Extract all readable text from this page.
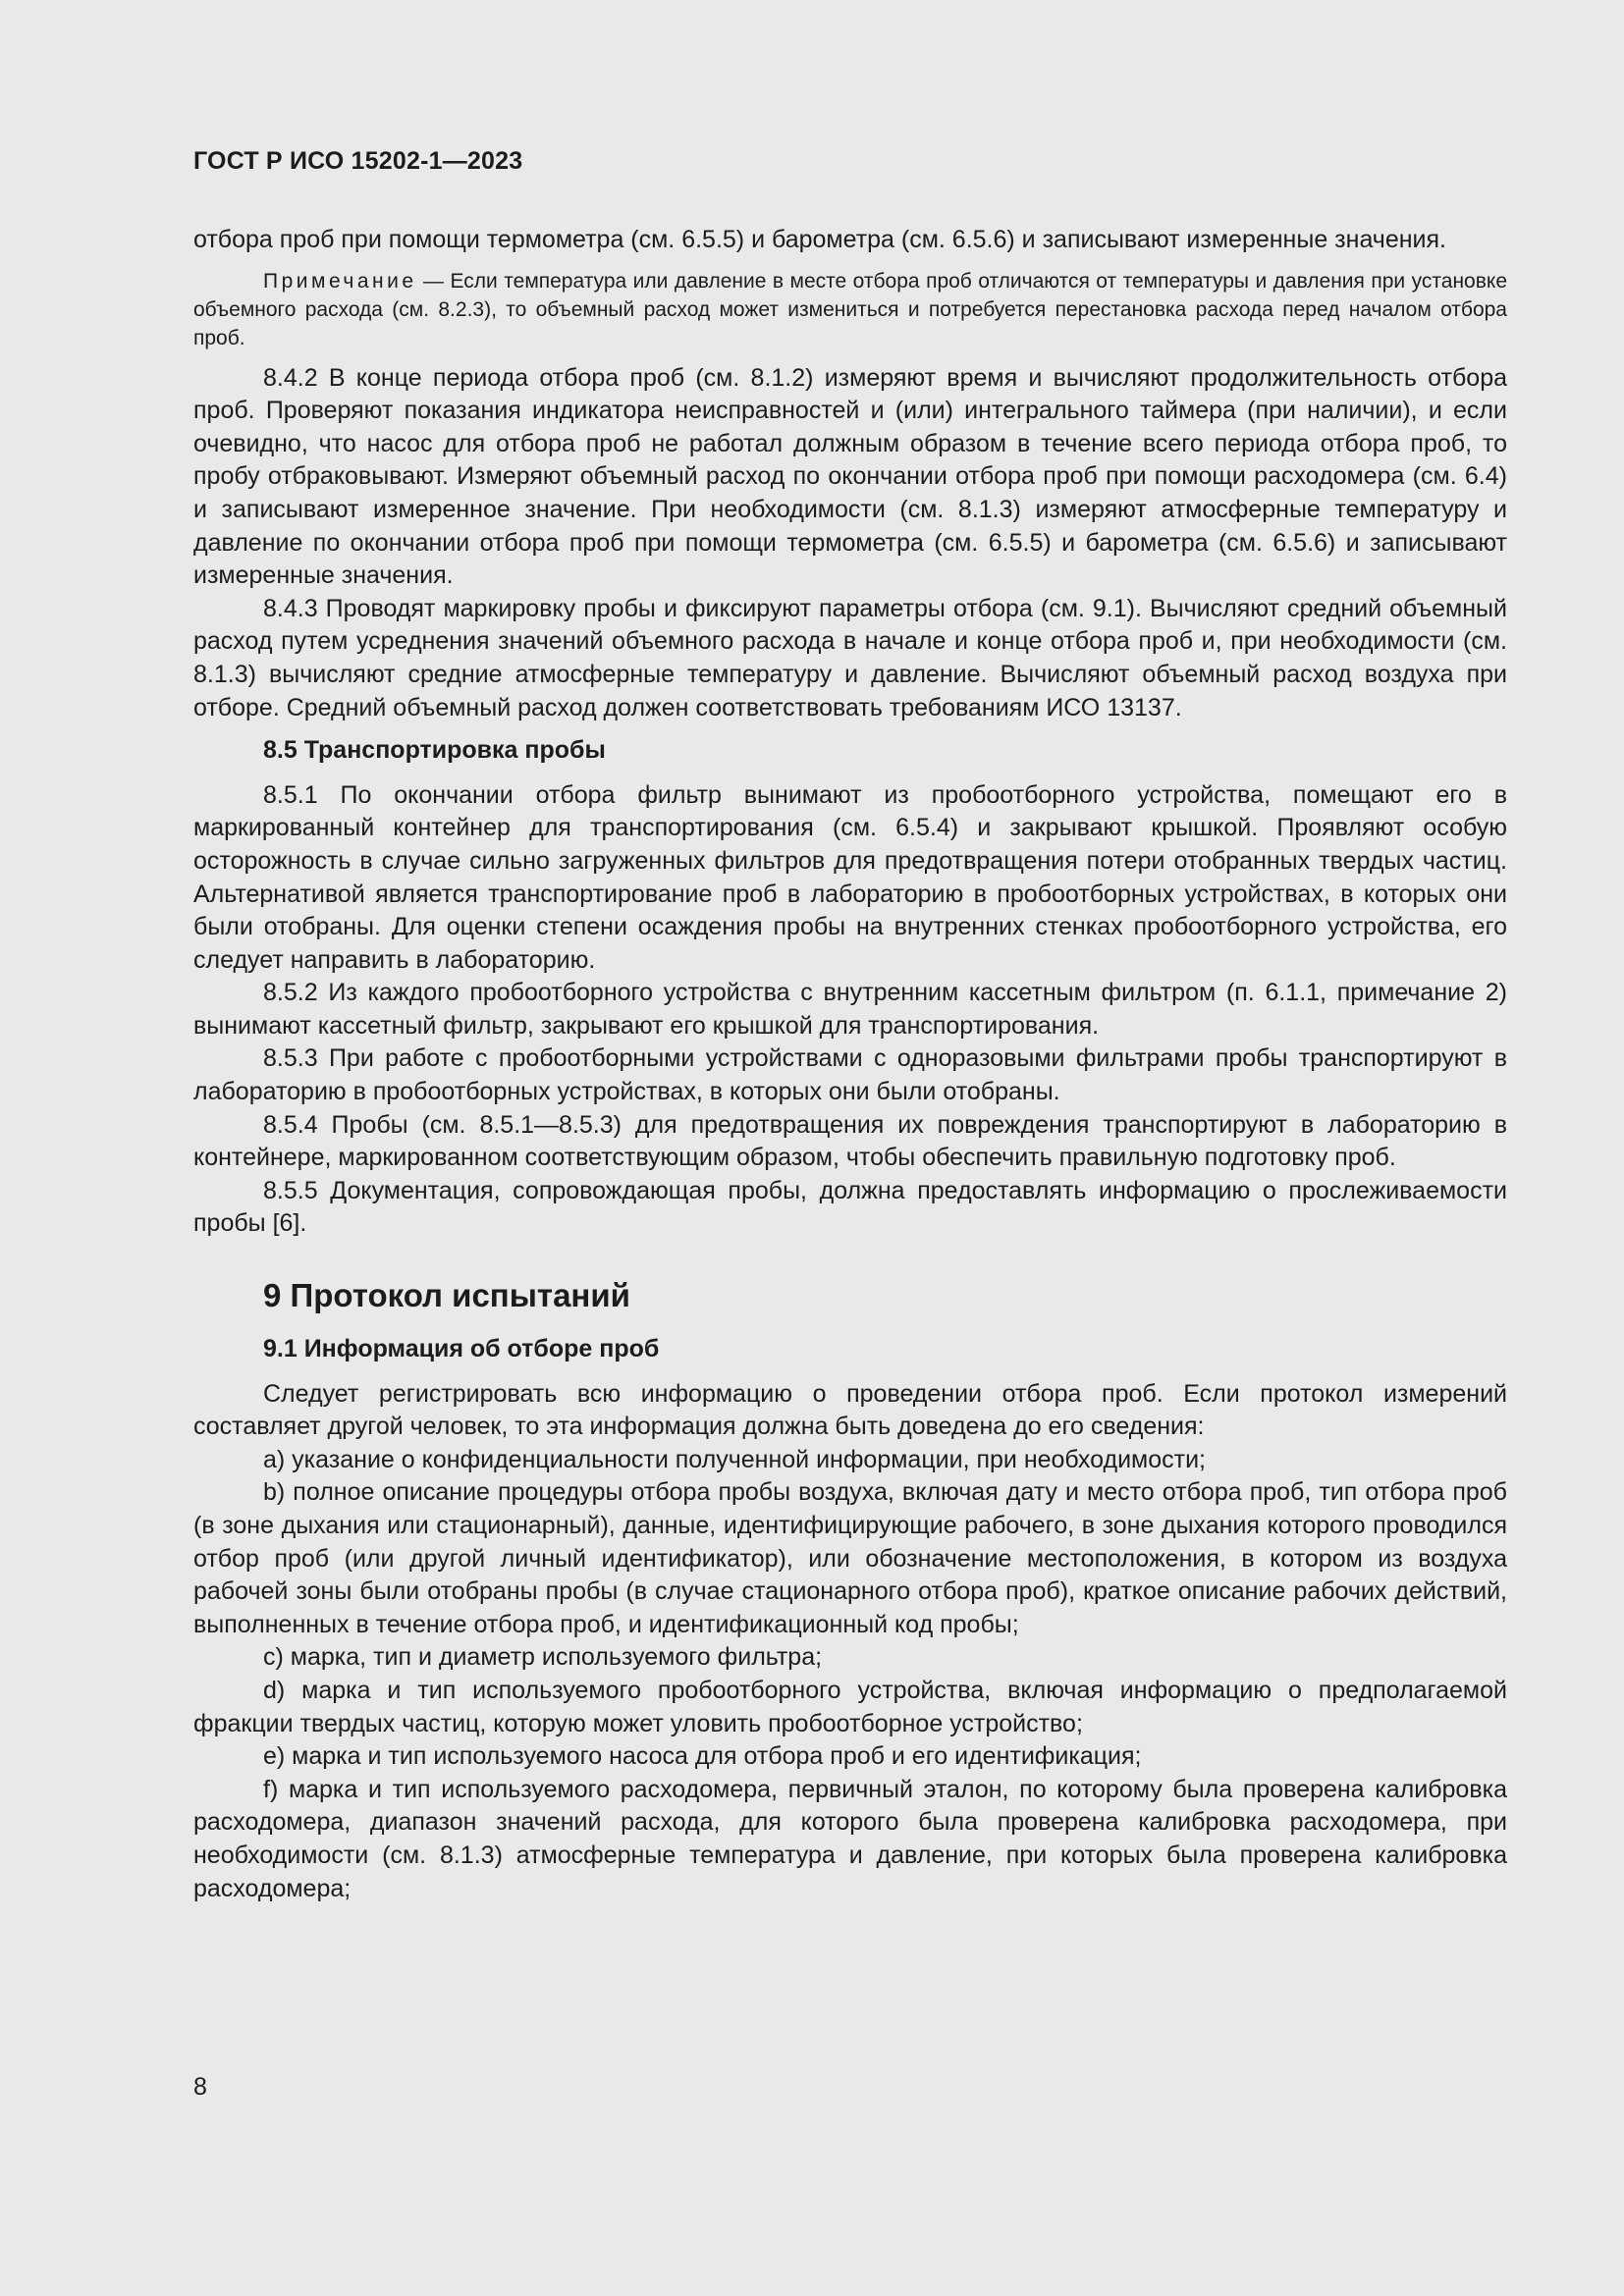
ГОСТ Р ИСО 15202-1—2023

отбора проб при помощи термометра (см. 6.5.5) и барометра (см. 6.5.6) и записывают измеренные значения.

Примечание — Если температура или давление в месте отбора проб отличаются от температуры и давления при установке объемного расхода (см. 8.2.3), то объемный расход может измениться и потребуется перестановка расхода перед началом отбора проб.

8.4.2 В конце периода отбора проб (см. 8.1.2) измеряют время и вычисляют продолжительность отбора проб. Проверяют показания индикатора неисправностей и (или) интегрального таймера (при наличии), и если очевидно, что насос для отбора проб не работал должным образом в течение всего периода отбора проб, то пробу отбраковывают. Измеряют объемный расход по окончании отбора проб при помощи расходомера (см. 6.4) и записывают измеренное значение. При необходимости (см. 8.1.3) измеряют атмосферные температуру и давление по окончании отбора проб при помощи термометра (см. 6.5.5) и барометра (см. 6.5.6) и записывают измеренные значения.

8.4.3 Проводят маркировку пробы и фиксируют параметры отбора (см. 9.1). Вычисляют средний объемный расход путем усреднения значений объемного расхода в начале и конце отбора проб и, при необходимости (см. 8.1.3) вычисляют средние атмосферные температуру и давление. Вычисляют объемный расход воздуха при отборе. Средний объемный расход должен соответствовать требованиям ИСО 13137.

8.5 Транспортировка пробы

8.5.1 По окончании отбора фильтр вынимают из пробоотборного устройства, помещают его в маркированный контейнер для транспортирования (см. 6.5.4) и закрывают крышкой. Проявляют особую осторожность в случае сильно загруженных фильтров для предотвращения потери отобранных твердых частиц. Альтернативой является транспортирование проб в лабораторию в пробоотборных устройствах, в которых они были отобраны. Для оценки степени осаждения пробы на внутренних стенках пробоотборного устройства, его следует направить в лабораторию.

8.5.2 Из каждого пробоотборного устройства с внутренним кассетным фильтром (п. 6.1.1, примечание 2) вынимают кассетный фильтр, закрывают его крышкой для транспортирования.

8.5.3 При работе с пробоотборными устройствами с одноразовыми фильтрами пробы транспортируют в лабораторию в пробоотборных устройствах, в которых они были отобраны.

8.5.4 Пробы (см. 8.5.1—8.5.3) для предотвращения их повреждения транспортируют в лабораторию в контейнере, маркированном соответствующим образом, чтобы обеспечить правильную подготовку проб.

8.5.5 Документация, сопровождающая пробы, должна предоставлять информацию о прослеживаемости пробы [6].

9 Протокол испытаний

9.1 Информация об отборе проб

Следует регистрировать всю информацию о проведении отбора проб. Если протокол измерений составляет другой человек, то эта информация должна быть доведена до его сведения:

а) указание о конфиденциальности полученной информации, при необходимости;

b) полное описание процедуры отбора пробы воздуха, включая дату и место отбора проб, тип отбора проб (в зоне дыхания или стационарный), данные, идентифицирующие рабочего, в зоне дыхания которого проводился отбор проб (или другой личный идентификатор), или обозначение местоположения, в котором из воздуха рабочей зоны были отобраны пробы (в случае стационарного отбора проб), краткое описание рабочих действий, выполненных в течение отбора проб, и идентификационный код пробы;

c) марка, тип и диаметр используемого фильтра;

d) марка и тип используемого пробоотборного устройства, включая информацию о предполагаемой фракции твердых частиц, которую может уловить пробоотборное устройство;

e) марка и тип используемого насоса для отбора проб и его идентификация;

f) марка и тип используемого расходомера, первичный эталон, по которому была проверена калибровка расходомера, диапазон значений расхода, для которого была проверена калибровка расходомера, при необходимости (см. 8.1.3) атмосферные температура и давление, при которых была проверена калибровка расходомера;

8
